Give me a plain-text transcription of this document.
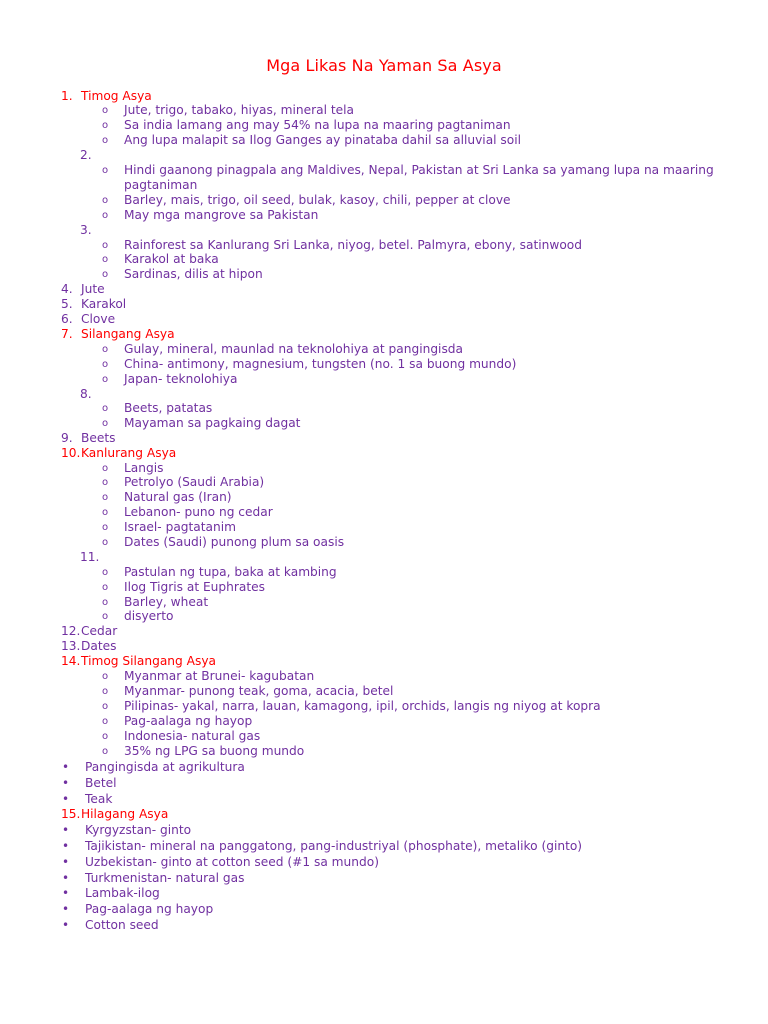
Mga Likas Na Yaman Sa Asya
1. Timog Asya
o Jute, trigo, tabako, hiyas, mineral tela
o Sa india lamang ang may 54% na lupa na maaring pagtaniman
o Ang lupa malapit sa Ilog Ganges ay pinataba dahil sa alluvial soil
2.
o Hindi gaanong pinagpala ang Maldives, Nepal, Pakistan at Sri Lanka sa yamang lupa na maaring
pagtaniman
o Barley, mais, trigo, oil seed, bulak, kasoy, chili, pepper at clove
o May mga mangrove sa Pakistan
3.
o Rainforest sa Kanlurang Sri Lanka, niyog, betel. Palmyra, ebony, satinwood
o Karakol at baka
o Sardinas, dilis at hipon
4. Jute
5. Karakol
6. Clove
7. Silangang Asya
o Gulay, mineral, maunlad na teknolohiya at pangingisda
o China- antimony, magnesium, tungsten (no. 1 sa buong mundo)
o Japan- teknolohiya
8.
o Beets, patatas
o Mayaman sa pagkaing dagat
9. Beets
10. Kanlurang Asya
o Langis
o Petrolyo (Saudi Arabia)
o Natural gas (Iran)
o Lebanon- puno ng cedar
o Israel- pagtatanim
o Dates (Saudi) punong plum sa oasis
11.
o Pastulan ng tupa, baka at kambing
o Ilog Tigris at Euphrates
o Barley, wheat
o disyerto
12. Cedar
13. Dates
14. Timog Silangang Asya
o Myanmar at Brunei- kagubatan
o Myanmar- punong teak, goma, acacia, betel
o Pilipinas- yakal, narra, lauan, kamagong, ipil, orchids, langis ng niyog at kopra
o Pag-aalaga ng hayop
o Indonesia- natural gas
o 35% ng LPG sa buong mundo
• Pangingisda at agrikultura
• Betel
• Teak
15. Hilagang Asya
• Kyrgyzstan- ginto
• Tajikistan- mineral na panggatong, pang-industriyal (phosphate), metaliko (ginto)
• Uzbekistan- ginto at cotton seed (#1 sa mundo)
• Turkmenistan- natural gas
• Lambak-ilog
• Pag-aalaga ng hayop
• Cotton seed
